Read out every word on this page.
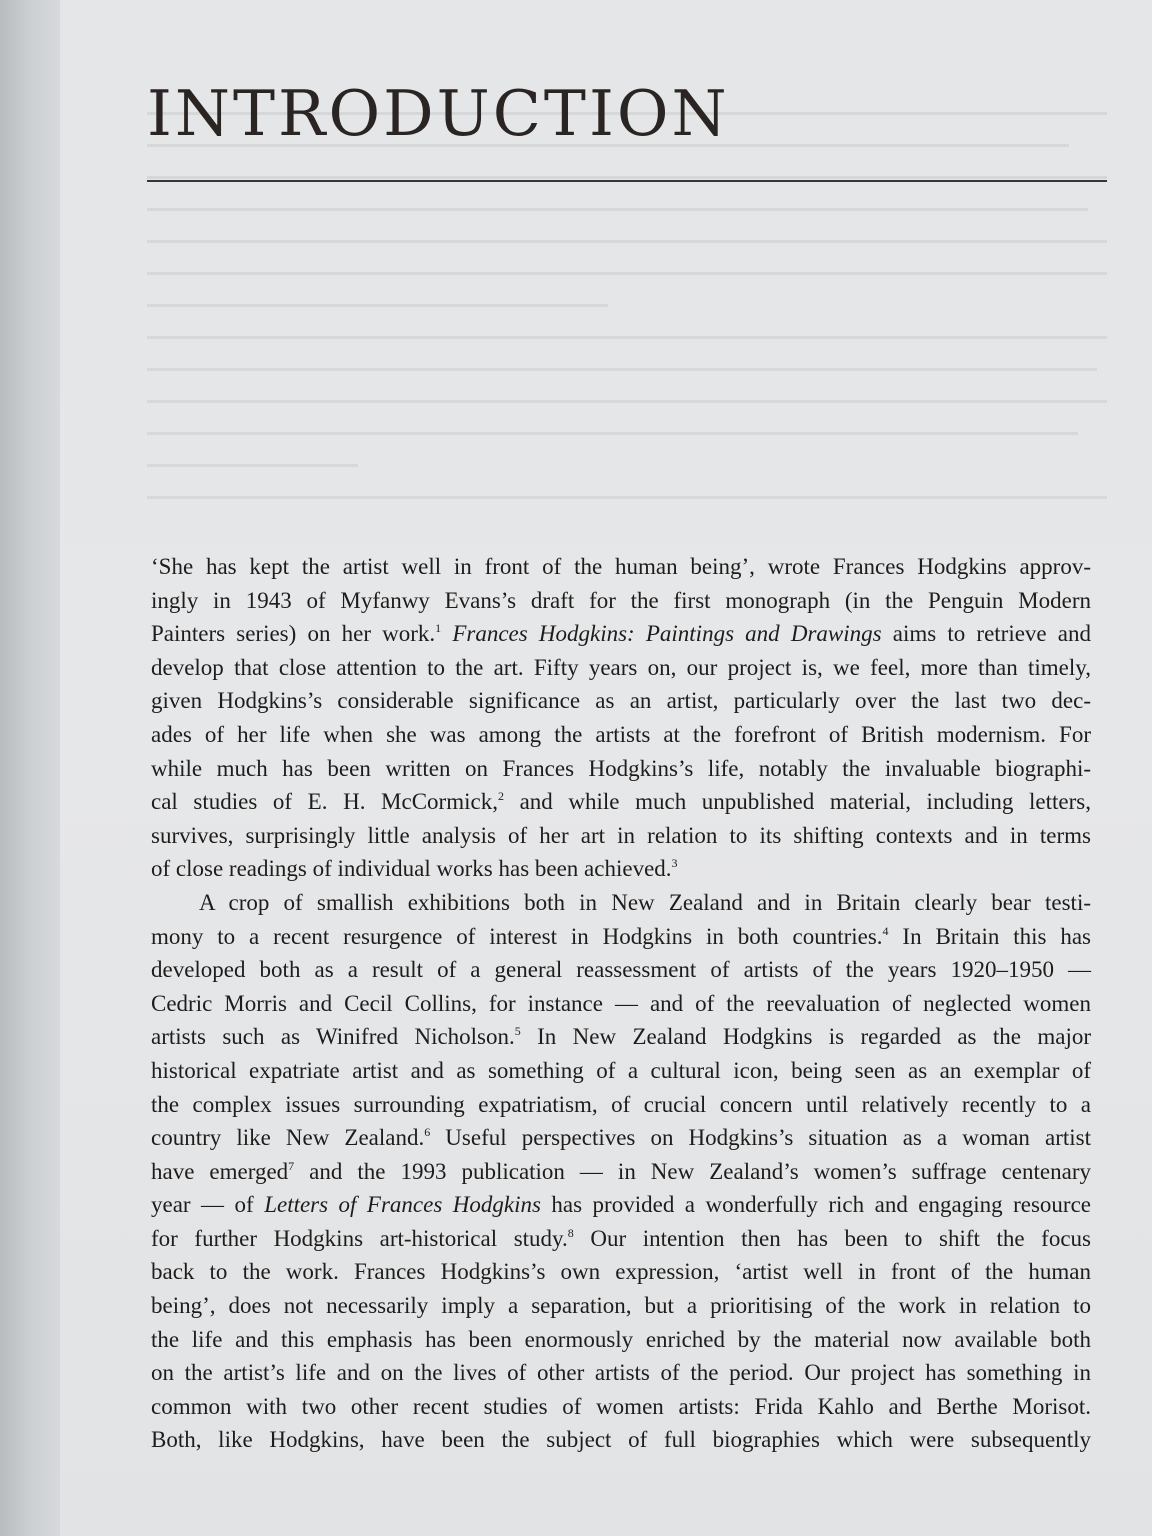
INTRODUCTION
‘She has kept the artist well in front of the human being’, wrote Frances Hodgkins approv-
ingly in 1943 of Myfanwy Evans’s draft for the first monograph (in the Penguin Modern
Painters series) on her work.$^1$ Frances Hodgkins: Paintings and Drawings aims to retrieve and
develop that close attention to the art. Fifty years on, our project is, we feel, more than timely,
given Hodgkins’s considerable significance as an artist, particularly over the last two dec-
ades of her life when she was among the artists at the forefront of British modernism. For
while much has been written on Frances Hodgkins’s life, notably the invaluable biographi-
cal studies of E. H. McCormick,$^2$ and while much unpublished material, including letters,
survives, surprisingly little analysis of her art in relation to its shifting contexts and in terms
of close readings of individual works has been achieved.$^3$
A crop of smallish exhibitions both in New Zealand and in Britain clearly bear testi-
mony to a recent resurgence of interest in Hodgkins in both countries.$^4$ In Britain this has
developed both as a result of a general reassessment of artists of the years 1920–1950 —
Cedric Morris and Cecil Collins, for instance — and of the reevaluation of neglected women
artists such as Winifred Nicholson.$^5$ In New Zealand Hodgkins is regarded as the major
historical expatriate artist and as something of a cultural icon, being seen as an exemplar of
the complex issues surrounding expatriatism, of crucial concern until relatively recently to a
country like New Zealand.$^6$ Useful perspectives on Hodgkins’s situation as a woman artist
have emerged$^7$ and the 1993 publication — in New Zealand’s women’s suffrage centenary
year — of Letters of Frances Hodgkins has provided a wonderfully rich and engaging resource
for further Hodgkins art-historical study.$^8$ Our intention then has been to shift the focus
back to the work. Frances Hodgkins’s own expression, ‘artist well in front of the human
being’, does not necessarily imply a separation, but a prioritising of the work in relation to
the life and this emphasis has been enormously enriched by the material now available both
on the artist’s life and on the lives of other artists of the period. Our project has something in
common with two other recent studies of women artists: Frida Kahlo and Berthe Morisot.
Both, like Hodgkins, have been the subject of full biographies which were subsequently
